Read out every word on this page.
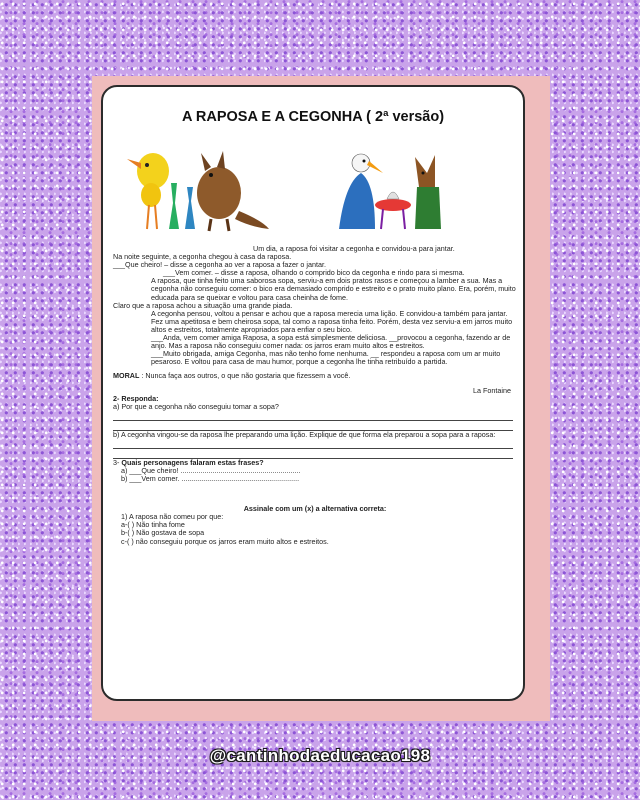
A RAPOSA E A CEGONHA ( 2ª versão)

Um dia, a raposa foi visitar a cegonha e convidou-a para jantar.

Na noite seguinte, a cegonha chegou à casa da raposa.

___Que cheiro! – disse a cegonha ao ver a raposa a fazer o jantar.

___Vem comer. – disse a raposa, olhando o comprido bico da cegonha e rindo para si mesma.

A raposa, que tinha feito uma saborosa sopa, serviu-a em dois pratos rasos e começou a lamber a sua. Mas a cegonha não conseguiu comer: o bico era demasiado comprido e estreito e o prato muito plano. Era, porém, muito educada para se queixar e voltou para casa cheinha de fome.

Claro que a raposa achou a situação uma grande piada.

A cegonha pensou, voltou a pensar e achou que a raposa merecia uma lição. E convidou-a também para jantar. Fez uma apetitosa e bem cheirosa sopa, tal como a raposa tinha feito. Porém, desta vez serviu-a em jarros muito altos e estreitos, totalmente apropriados para enfiar o seu bico.

___Anda, vem comer amiga Raposa, a sopa está simplesmente deliciosa. __provocou a cegonha, fazendo ar de anjo. Mas a raposa não conseguiu comer nada: os jarros eram muito altos e estreitos.

___Muito obrigada, amiga Cegonha, mas não tenho fome nenhuma. __ respondeu a raposa com um ar muito pesaroso. E voltou para casa de mau humor, porque a cegonha lhe tinha retribuído a partida.

MORAL : Nunca faça aos outros, o que não gostaria que fizessem a você.

La Fontaine

2- Responda:

a) Por que a cegonha não conseguiu tomar a sopa?

b) A cegonha vingou-se da raposa lhe preparando uma lição. Explique de que forma ela preparou a sopa para a raposa:

3- Quais personagens falaram estas frases?

a) ___Que cheiro! ............................................................

b) ___Vem comer. ...........................................................

Assinale com um (x) a alternativa correta:

1) A raposa não comeu por que:

a-( ) Não tinha fome

b-( ) Não gostava de sopa

c-( ) não conseguiu porque os jarros eram muito altos e estreitos.

@cantinhodaeducacao198
